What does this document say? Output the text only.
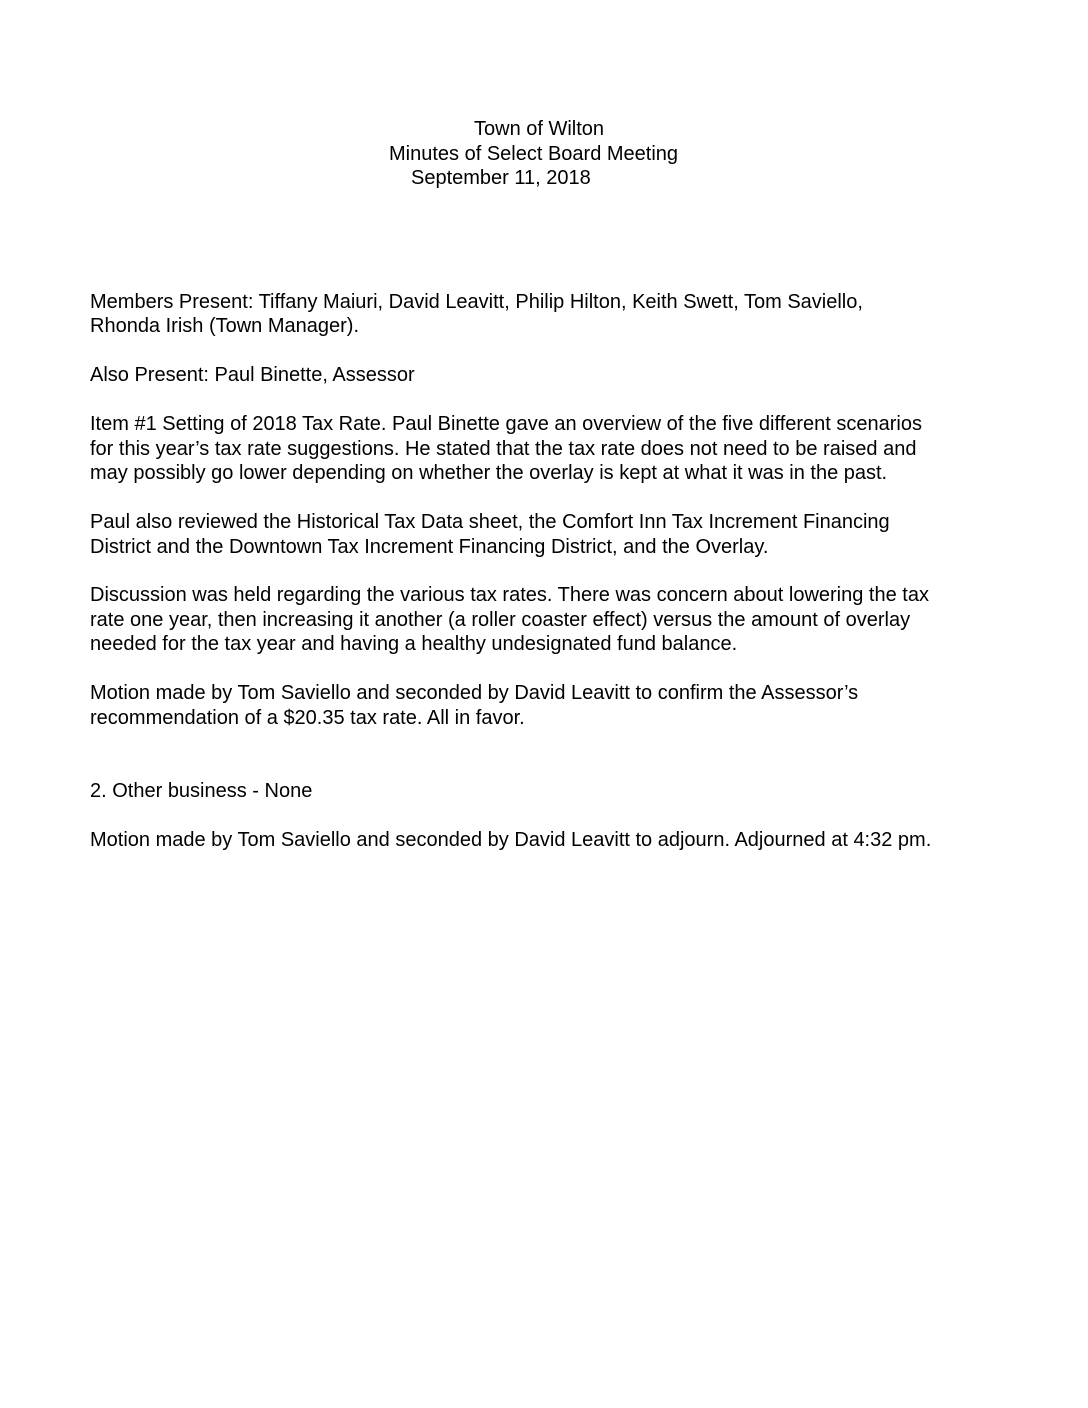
Town of Wilton

Minutes of Select Board Meeting

September 11, 2018

Members Present: Tiffany Maiuri, David Leavitt, Philip Hilton, Keith Swett, Tom Saviello,

Rhonda Irish (Town Manager).

Also Present: Paul Binette, Assessor

Item #1 Setting of 2018 Tax Rate. Paul Binette gave an overview of the five different scenarios

for this year’s tax rate suggestions. He stated that the tax rate does not need to be raised and

may possibly go lower depending on whether the overlay is kept at what it was in the past.

Paul also reviewed the Historical Tax Data sheet, the Comfort Inn Tax Increment Financing

District and the Downtown Tax Increment Financing District, and the Overlay.

Discussion was held regarding the various tax rates. There was concern about lowering the tax

rate one year, then increasing it another (a roller coaster effect) versus the amount of overlay

needed for the tax year and having a healthy undesignated fund balance.

Motion made by Tom Saviello and seconded by David Leavitt to confirm the Assessor’s

recommendation of a $20.35 tax rate. All in favor.

2. Other business - None

Motion made by Tom Saviello and seconded by David Leavitt to adjourn. Adjourned at 4:32 pm.
